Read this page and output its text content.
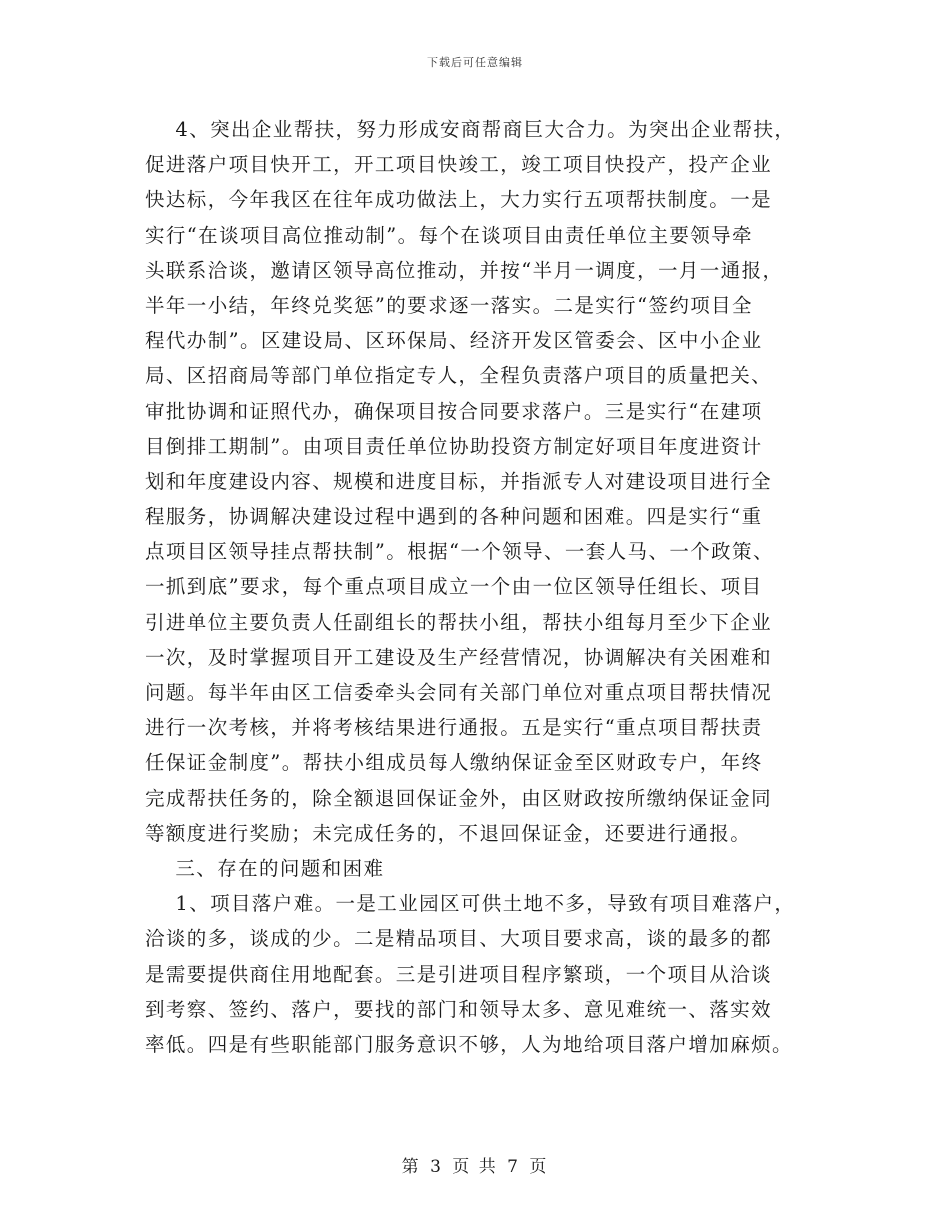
下载后可任意编辑
4、突出企业帮扶，努力形成安商帮商巨大合力。为突出企业帮扶，
促进落户项目快开工，开工项目快竣工，竣工项目快投产，投产企业
快达标，今年我区在往年成功做法上，大力实行五项帮扶制度。一是
实行“在谈项目高位推动制”。每个在谈项目由责任单位主要领导牵
头联系洽谈，邀请区领导高位推动，并按“半月一调度，一月一通报，
半年一小结，年终兑奖惩”的要求逐一落实。二是实行“签约项目全
程代办制”。区建设局、区环保局、经济开发区管委会、区中小企业
局、区招商局等部门单位指定专人，全程负责落户项目的质量把关、
审批协调和证照代办，确保项目按合同要求落户。三是实行“在建项
目倒排工期制”。由项目责任单位协助投资方制定好项目年度进资计
划和年度建设内容、规模和进度目标，并指派专人对建设项目进行全
程服务，协调解决建设过程中遇到的各种问题和困难。四是实行“重
点项目区领导挂点帮扶制”。根据“一个领导、一套人马、一个政策、
一抓到底”要求，每个重点项目成立一个由一位区领导任组长、项目
引进单位主要负责人任副组长的帮扶小组，帮扶小组每月至少下企业
一次，及时掌握项目开工建设及生产经营情况，协调解决有关困难和
问题。每半年由区工信委牵头会同有关部门单位对重点项目帮扶情况
进行一次考核，并将考核结果进行通报。五是实行“重点项目帮扶责
任保证金制度”。帮扶小组成员每人缴纳保证金至区财政专户，年终
完成帮扶任务的，除全额退回保证金外，由区财政按所缴纳保证金同
等额度进行奖励；未完成任务的，不退回保证金，还要进行通报。
三、存在的问题和困难
1、项目落户难。一是工业园区可供土地不多，导致有项目难落户，
洽谈的多，谈成的少。二是精品项目、大项目要求高，谈的最多的都
是需要提供商住用地配套。三是引进项目程序繁琐，一个项目从洽谈
到考察、签约、落户，要找的部门和领导太多、意见难统一、落实效
率低。四是有些职能部门服务意识不够，人为地给项目落户增加麻烦。
第 3 页 共 7 页
